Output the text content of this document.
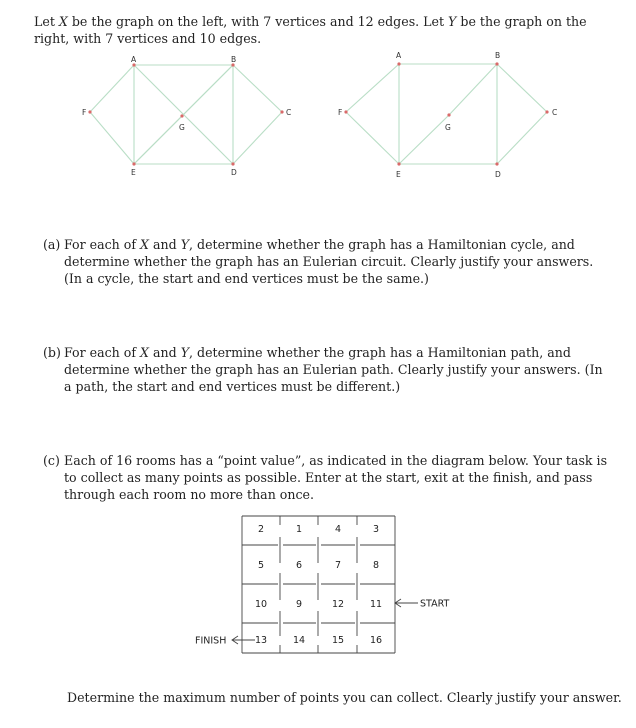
Let X be the graph on the left, with 7 vertices and 12 edges. Let Y be the graph on the right, with 7 vertices and 10 edges.
A	B
C
D
E
F
G
A	B
C
D
E
F
G
(a) For each of X and Y, determine whether the graph has a Hamiltonian cycle, and determine whether the graph has an Eulerian circuit. Clearly justify your answers. (In a cycle, the start and end vertices must be the same.)
(b) For each of X and Y, determine whether the graph has a Hamiltonian path, and determine whether the graph has an Eulerian path. Clearly justify your answers. (In a path, the start and end vertices must be different.)
(c) Each of 16 rooms has a “point value”, as indicated in the diagram below. Your task is to collect as many points as possible. Enter at the start, exit at the finish, and pass through each room no more than once.
2	1	4	3
5	6	7	8
10	9	12	11
13	14	15	16
START
FINISH
Determine the maximum number of points you can collect. Clearly justify your answer.
